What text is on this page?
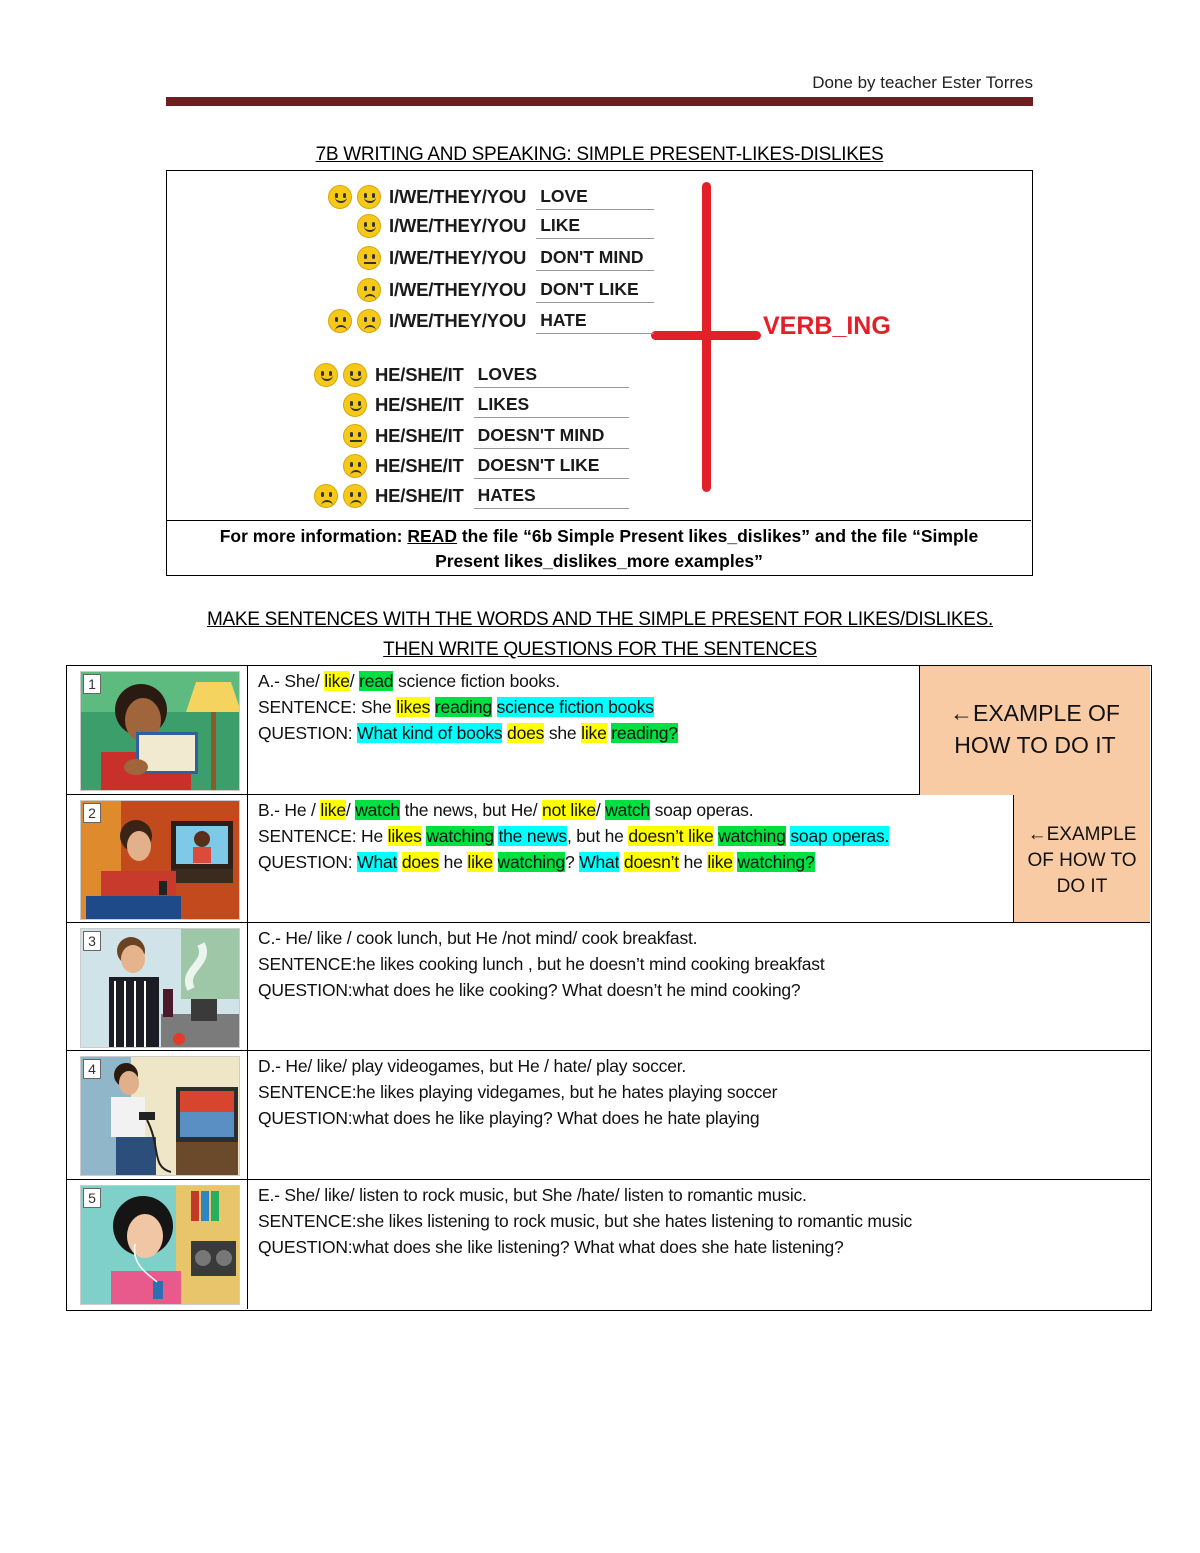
Done by teacher Ester Torres
7B WRITING AND SPEAKING: SIMPLE PRESENT-LIKES-DISLIKES
VERB_ING
I/WE/THEY/YOU LOVE
I/WE/THEY/YOU LIKE
I/WE/THEY/YOU DON'T MIND
I/WE/THEY/YOU DON'T LIKE
I/WE/THEY/YOU HATE
HE/SHE/IT LOVES
HE/SHE/IT LIKES
HE/SHE/IT DOESN'T MIND
HE/SHE/IT DOESN'T LIKE
HE/SHE/IT HATES
For more information: READ the file “6b Simple Present likes_dislikes” and the file “Simple
Present likes_dislikes_more examples”
MAKE SENTENCES WITH THE WORDS AND THE SIMPLE PRESENT FOR LIKES/DISLIKES.
THEN WRITE QUESTIONS FOR THE SENTENCES
1	A.- She/ like/ read science fiction books.
SENTENCE: She likes reading science fiction books
QUESTION: What kind of books does she like reading?
←EXAMPLE OF
HOW TO DO IT
2	B.- He / like/ watch the news, but He/ not like/ watch soap operas.
SENTENCE: He likes watching the news, but he doesn’t like watching soap operas.
QUESTION: What does he like watching? What doesn’t he like watching?
←EXAMPLE
OF HOW TO
DO IT
3	C.- He/ like / cook lunch, but He /not mind/ cook breakfast.
SENTENCE:he likes cooking lunch , but he doesn’t mind cooking breakfast
QUESTION:what does he like cooking? What doesn’t he mind cooking?
4	D.- He/ like/ play videogames, but He / hate/ play soccer.
SENTENCE:he likes playing videgames, but he hates playing soccer
QUESTION:what does he like playing? What does he hate playing
5	E.- She/ like/ listen to rock music, but She /hate/ listen to romantic music.
SENTENCE:she likes listening to rock music, but she hates listening to romantic music
QUESTION:what does she like listening? What what does she hate listening?
